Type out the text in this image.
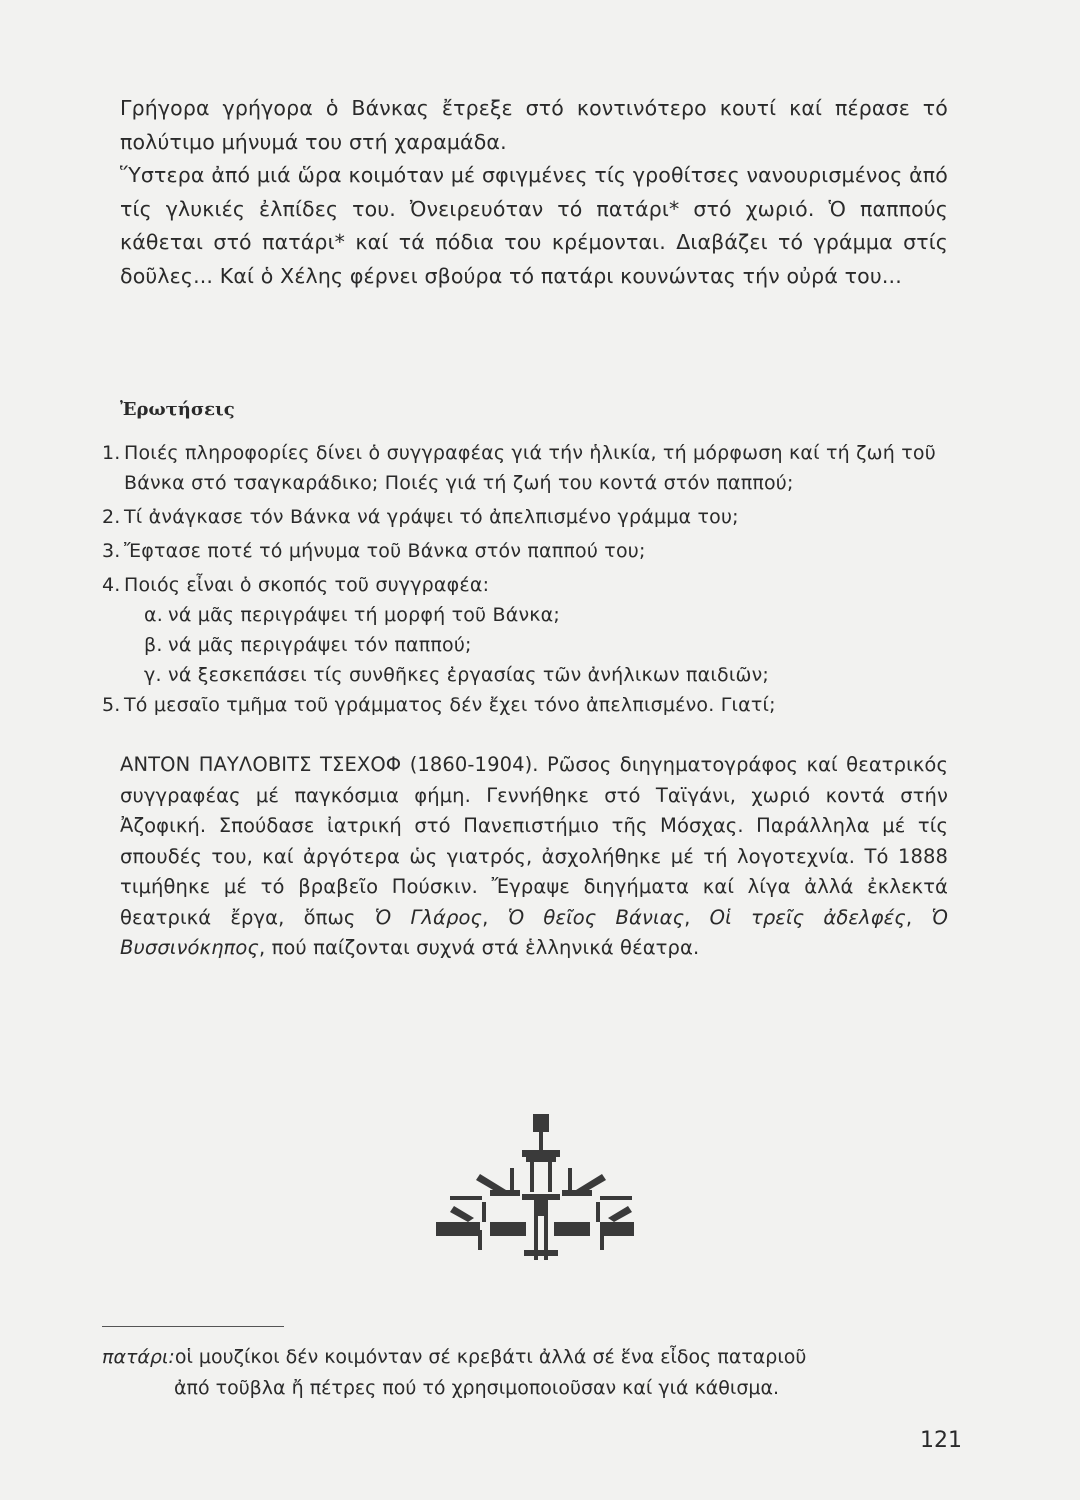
Γρήγορα γρήγορα ὁ Βάνκας ἔτρεξε στό κοντινότερο κουτί καί πέρασε τό πολύτιμο μήνυμά του στή χαραμάδα.
Ὕστερα ἀπό μιά ὥρα κοιμόταν μέ σφιγμένες τίς γροθίτσες νανουρισμένος ἀπό τίς γλυκιές ἐλπίδες του. Ὀνειρευόταν τό πατάρι* στό χωριό. Ὁ παππούς κάθεται στό πατάρι* καί τά πόδια του κρέμονται. Διαβάζει τό γράμμα στίς δοῦλες... Καί ὁ Χέλης φέρνει σβούρα τό πατάρι κουνώντας τήν οὐρά του...
Ἐρωτήσεις
1. Ποιές πληροφορίες δίνει ὁ συγγραφέας γιά τήν ἡλικία, τή μόρφωση καί τή ζωή τοῦ Βάνκα στό τσαγκαράδικο; Ποιές γιά τή ζωή του κοντά στόν παππού;
2. Τί ἀνάγκασε τόν Βάνκα νά γράψει τό ἀπελπισμένο γράμμα του;
3. Ἔφτασε ποτέ τό μήνυμα τοῦ Βάνκα στόν παππού του;
4. Ποιός εἶναι ὁ σκοπός τοῦ συγγραφέα:
α. νά μᾶς περιγράψει τή μορφή τοῦ Βάνκα;
β. νά μᾶς περιγράψει τόν παππού;
γ. νά ξεσκεπάσει τίς συνθῆκες ἐργασίας τῶν ἀνήλικων παιδιῶν;
5. Τό μεσαῖο τμῆμα τοῦ γράμματος δέν ἔχει τόνο ἀπελπισμένο. Γιατί;
ΑΝΤΟΝ ΠΑΥΛΟΒΙΤΣ ΤΣΕΧΟΦ (1860-1904). Ρῶσος διηγηματογράφος καί θεατρικός συγγραφέας μέ παγκόσμια φήμη. Γεννήθηκε στό Ταϊγάνι, χωριό κοντά στήν Ἀζοφική. Σπούδασε ἰατρική στό Πανεπιστήμιο τῆς Μόσχας. Παράλληλα μέ τίς σπουδές του, καί ἀργότερα ὡς γιατρός, ἀσχολήθηκε μέ τή λογοτεχνία. Τό 1888 τιμήθηκε μέ τό βραβεῖο Πούσκιν. Ἔγραψε διηγήματα καί λίγα ἀλλά ἐκλεκτά θεατρικά ἔργα, ὅπως Ὁ Γλάρος, Ὁ θεῖος Βάνιας, Οἱ τρεῖς ἀδελφές, Ὁ Βυσσινόκηπος, πού παίζονται συχνά στά ἑλληνικά θέατρα.
πατάρι:οἱ μουζίκοι δέν κοιμόνταν σέ κρεβάτι ἀλλά σέ ἕνα εἶδος παταριοῦ
ἀπό τοῦβλα ἤ πέτρες πού τό χρησιμοποιοῦσαν καί γιά κάθισμα.
121
